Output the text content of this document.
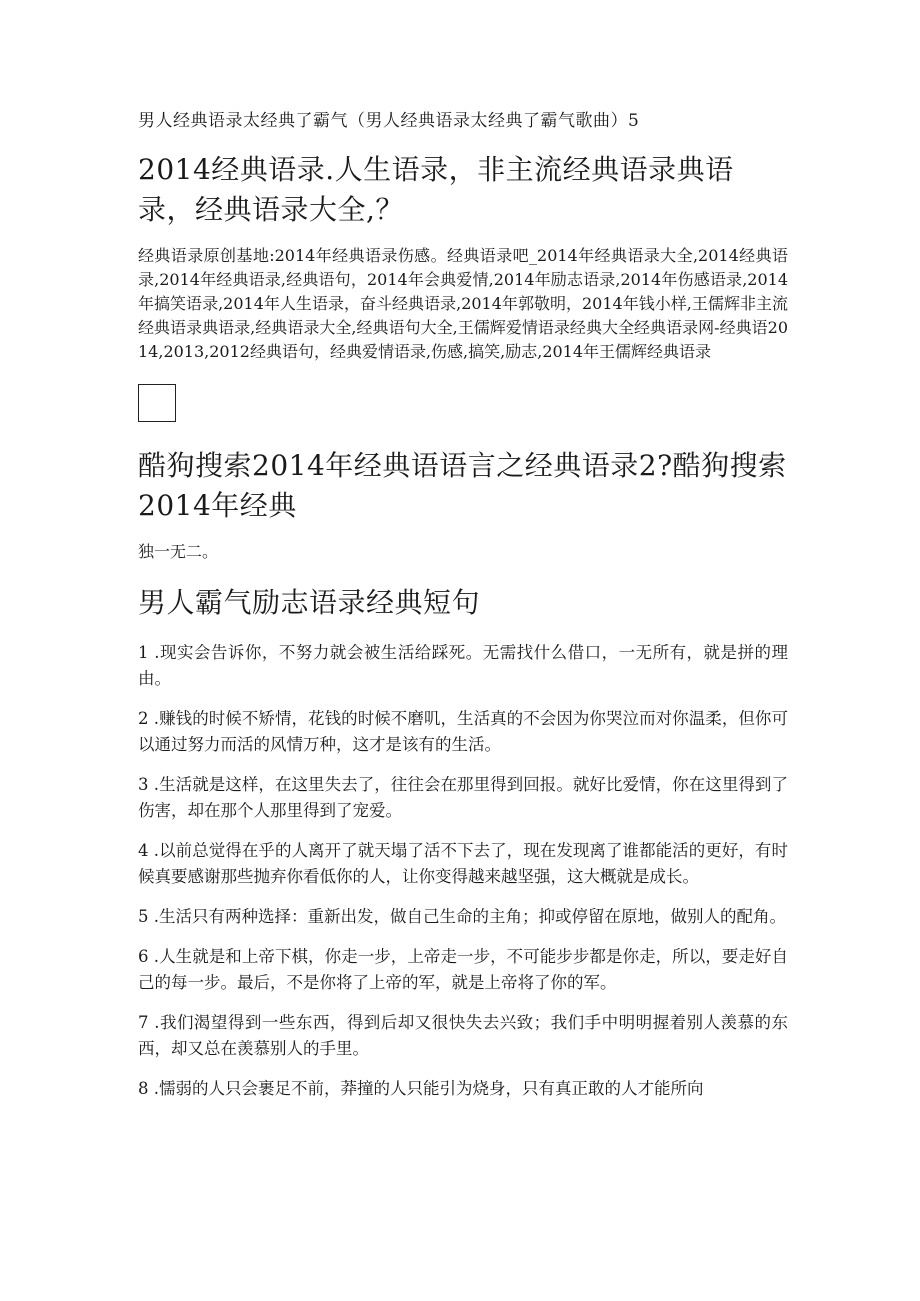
男人经典语录太经典了霸气（男人经典语录太经典了霸气歌曲）5
2014经典语录.人生语录，非主流经典语录典语录，经典语录大全,？

经典语录原创基地:2014年经典语录伤感。经典语录吧_2014年经典语录大全,2014经典语录,2014年经典语录,经典语句，2014年会典爱情,2014年励志语录,2014年伤感语录,2014年搞笑语录,2014年人生语录，奋斗经典语录,2014年郭敬明，2014年钱小样,王儒辉非主流经典语录典语录,经典语录大全,经典语句大全,王儒辉爱情语录经典大全经典语录网-经典语2014,2013,2012经典语句，经典爱情语录,伤感,搞笑,励志,2014年王儒辉经典语录

酷狗搜索2014年经典语语言之经典语录2?酷狗搜索2014年经典

独一无二。

男人霸气励志语录经典短句

1 .现实会告诉你，不努力就会被生活给踩死。无需找什么借口，一无所有，就是拼的理由。

2 .赚钱的时候不矫情，花钱的时候不磨叽，生活真的不会因为你哭泣而对你温柔，但你可以通过努力而活的风情万种，这才是该有的生活。

3 .生活就是这样，在这里失去了，往往会在那里得到回报。就好比爱情，你在这里得到了伤害，却在那个人那里得到了宠爱。

4 .以前总觉得在乎的人离开了就天塌了活不下去了，现在发现离了谁都能活的更好，有时候真要感谢那些抛弃你看低你的人，让你变得越来越坚强，这大概就是成长。

5 .生活只有两种选择：重新出发，做自己生命的主角；抑或停留在原地，做别人的配角。

6 .人生就是和上帝下棋，你走一步，上帝走一步，不可能步步都是你走，所以，要走好自己的每一步。最后，不是你将了上帝的军，就是上帝将了你的军。

7 .我们渴望得到一些东西，得到后却又很快失去兴致；我们手中明明握着别人羡慕的东西，却又总在羡慕别人的手里。

8 .懦弱的人只会裹足不前，莽撞的人只能引为烧身，只有真正敢的人才能所向
